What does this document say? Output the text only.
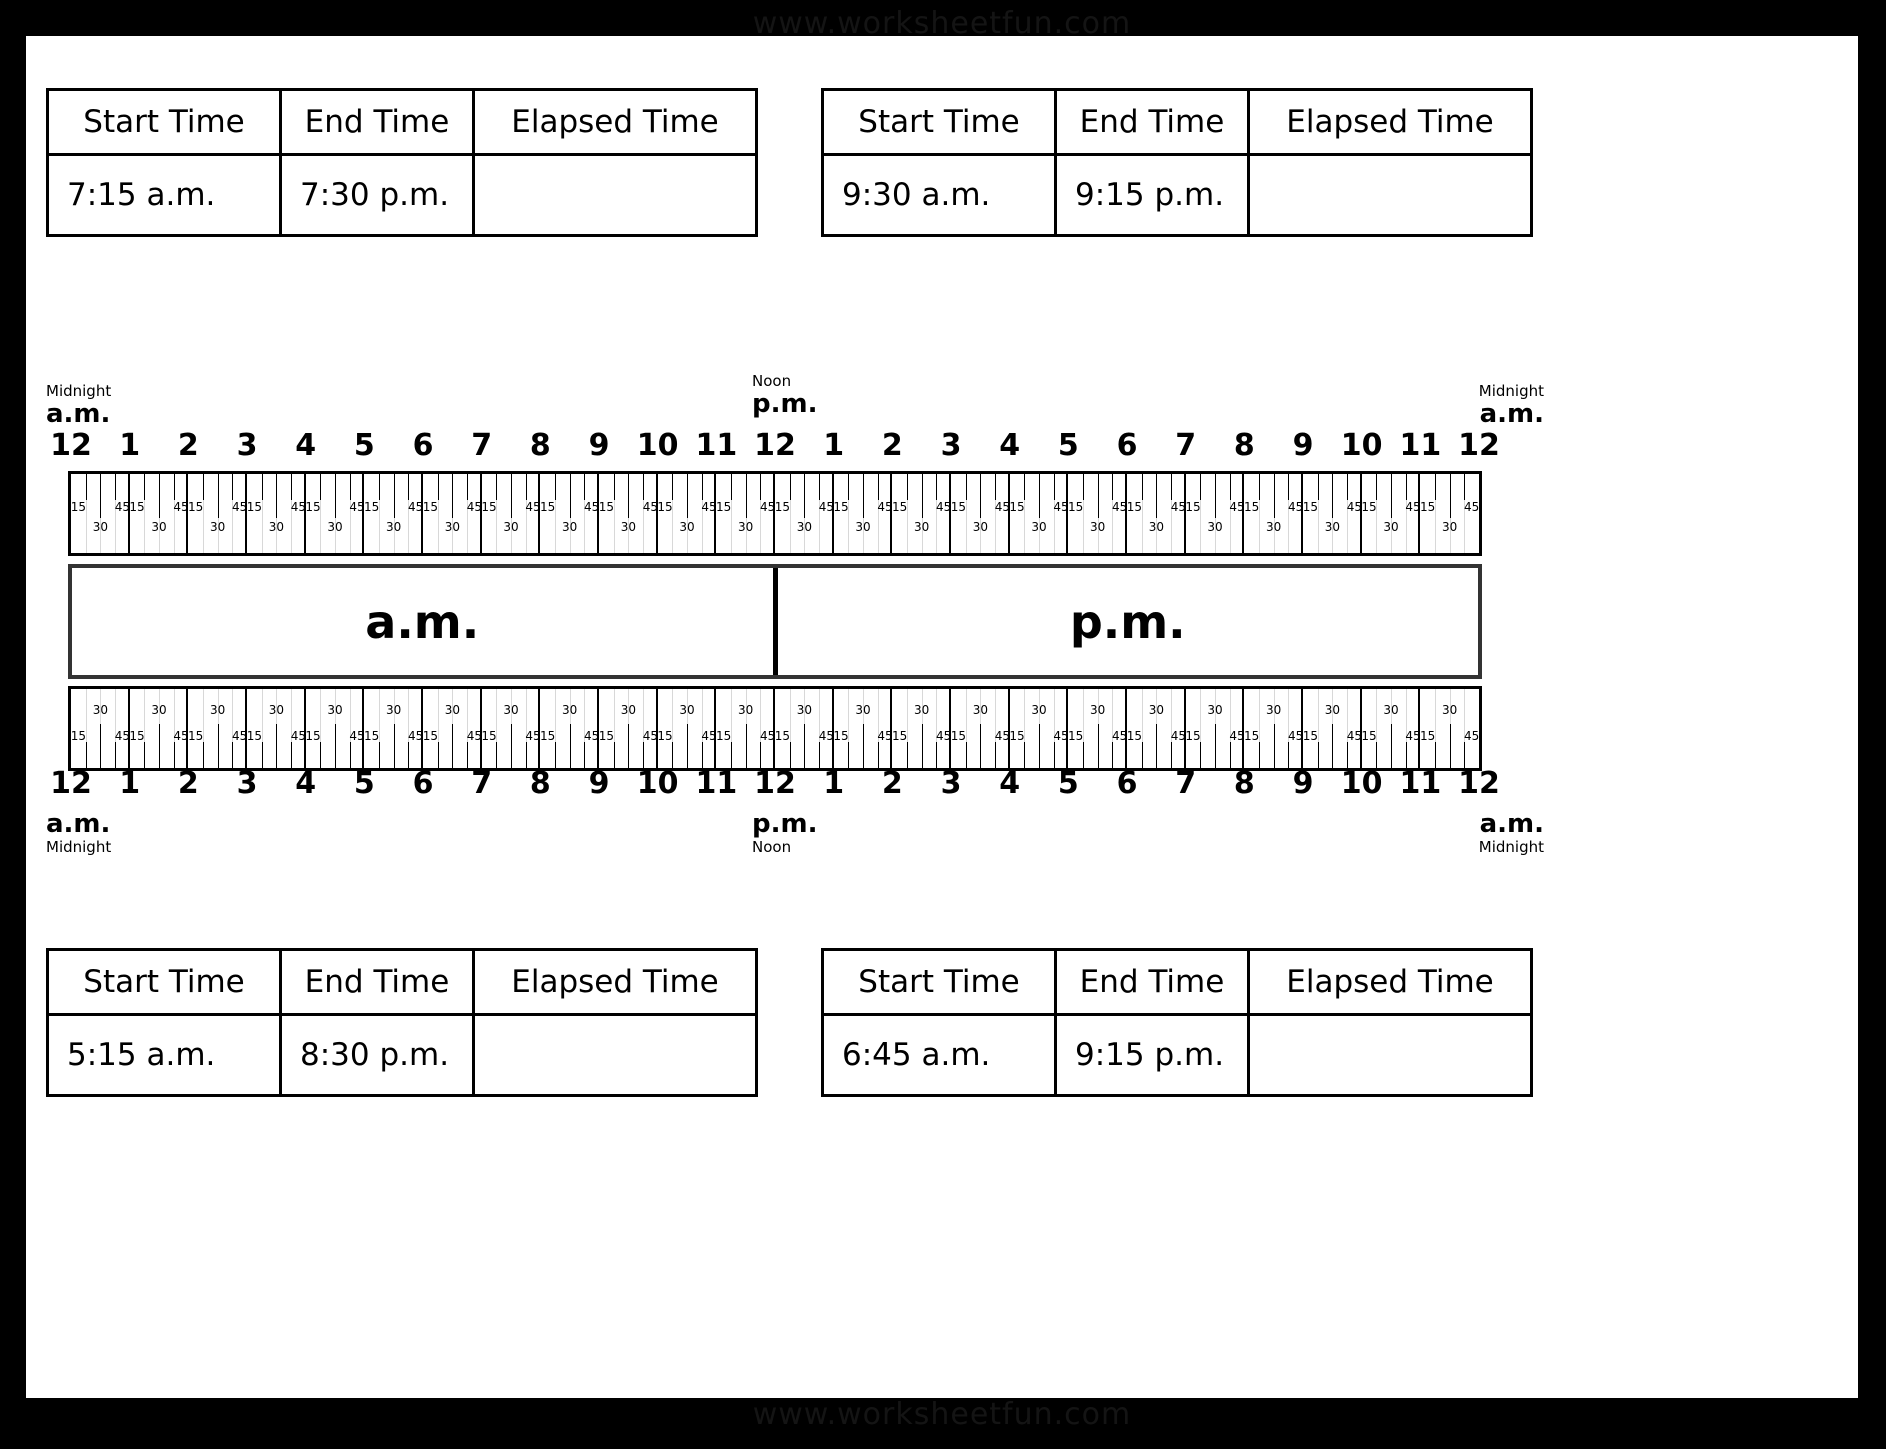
www.worksheetfun.com
www.worksheetfun.com
Start Time	End Time	Elapsed Time
7:15 a.m.	7:30 p.m.	
Start Time	End Time	Elapsed Time
9:30 a.m.	9:15 p.m.	
Midnight
a.m.
Noon
p.m.	Midnight
a.m.
12 1	2	3	4	5	6	7	8	9 10 11 12 1	2	3	4	5	6	7	8	9 10 11 12
15
30
45 15
30
45 15
30
45 15
30
45 15
30
45 15
30
45 15
30
45 15
30
45 15
30
45 15
30
45 15
30
45 15
30
45 15
30
45 15
30
45 15
30
45 15
30
45 15
30
45 15
30
45 15
30
45 15
30
45 15
30
45 15
30
45 15
30
45 15
30
45
a.m.	p.m.
30
15 45
30
15 45
30
15 45
30
15 45
30
15 45
30
15 45
30
15 45
30
15 45
30
15 45
30
15 45
30
15 45
30
15 45
30
15 45
30
15 45
30
15 45
30
15 45
30
15 45
30
15 45
30
15 45
30
15 45
30
15 45
30
15 45
30
15 45
30
15 45
12 1	2	3	4	5	6	7	8	9 10 11 12 1	2	3	4	5	6	7	8	9 10 11 12
a.m.
Midnight
p.m.
Noon
a.m.
Midnight
Start Time	End Time	Elapsed Time
5:15 a.m.	8:30 p.m.	
Start Time	End Time	Elapsed Time
6:45 a.m.	9:15 p.m.	
